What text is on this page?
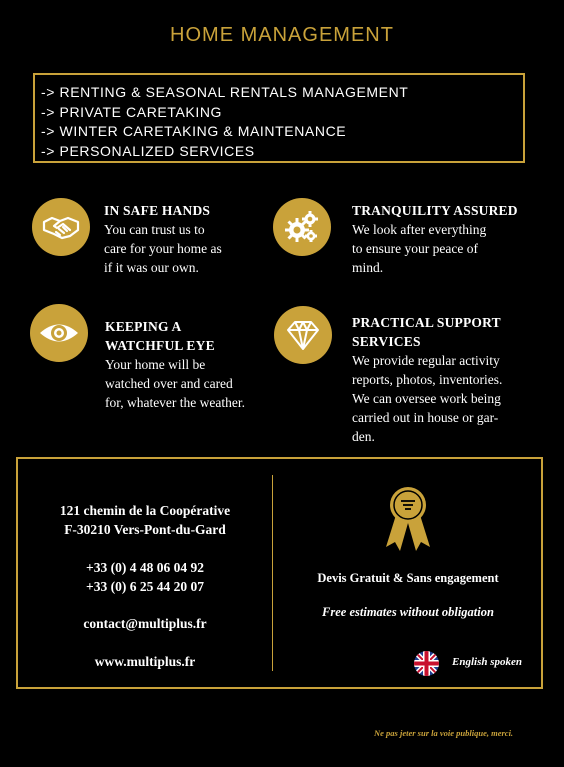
HOME MANAGEMENT
-> RENTING & SEASONAL RENTALS MANAGEMENT
-> PRIVATE CARETAKING
-> WINTER CARETAKING & MAINTENANCE
-> PERSONALIZED SERVICES
IN SAFE HANDS
You can trust us to
care for your home as
if it was our own.
TRANQUILITY ASSURED
We look after everything
to ensure your peace of
mind.
KEEPING A
WATCHFUL EYE
Your home will be
watched over and cared
for, whatever the weather.
PRACTICAL SUPPORT
SERVICES
We provide regular activity
reports, photos, inventories.
We can oversee work being
carried out in house or gar-
den.
121 chemin de la Coopérative
F-30210 Vers-Pont-du-Gard
+33 (0) 4 48 06 04 92
+33 (0) 6 25 44 20 07
contact@multiplus.fr
www.multiplus.fr
Devis Gratuit & Sans engagement
Free estimates without obligation
English spoken
Ne pas jeter sur la voie publique, merci.
